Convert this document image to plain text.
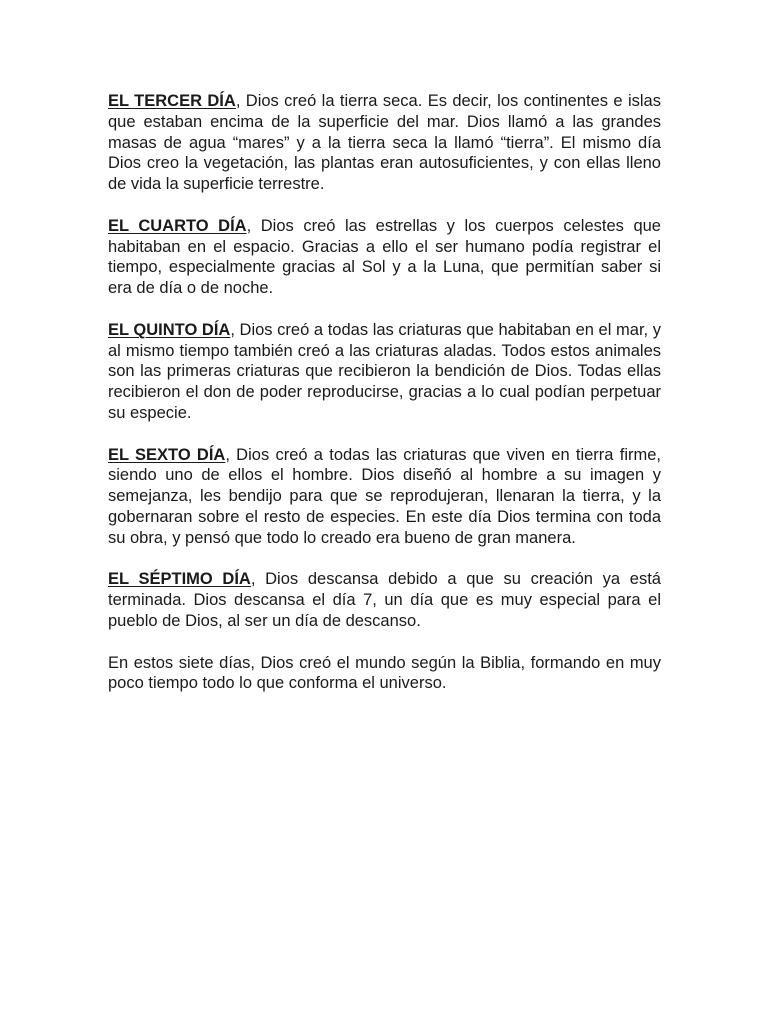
EL TERCER DÍA, Dios creó la tierra seca. Es decir, los continentes e islas que estaban encima de la superficie del mar. Dios llamó a las grandes masas de agua “mares” y a la tierra seca la llamó “tierra”. El mismo día Dios creo la vegetación, las plantas eran autosuficientes, y con ellas lleno de vida la superficie terrestre.

EL CUARTO DÍA, Dios creó las estrellas y los cuerpos celestes que habitaban en el espacio. Gracias a ello el ser humano podía registrar el tiempo, especialmente gracias al Sol y a la Luna, que permitían saber si era de día o de noche.

EL QUINTO DÍA, Dios creó a todas las criaturas que habitaban en el mar, y al mismo tiempo también creó a las criaturas aladas. Todos estos animales son las primeras criaturas que recibieron la bendición de Dios. Todas ellas recibieron el don de poder reproducirse, gracias a lo cual podían perpetuar su especie.

EL SEXTO DÍA, Dios creó a todas las criaturas que viven en tierra firme, siendo uno de ellos el hombre. Dios diseñó al hombre a su imagen y semejanza, les bendijo para que se reprodujeran, llenaran la tierra, y la gobernaran sobre el resto de especies. En este día Dios termina con toda su obra, y pensó que todo lo creado era bueno de gran manera.

EL SÉPTIMO DÍA, Dios descansa debido a que su creación ya está terminada. Dios descansa el día 7, un día que es muy especial para el pueblo de Dios, al ser un día de descanso.

En estos siete días, Dios creó el mundo según la Biblia, formando en muy poco tiempo todo lo que conforma el universo.
